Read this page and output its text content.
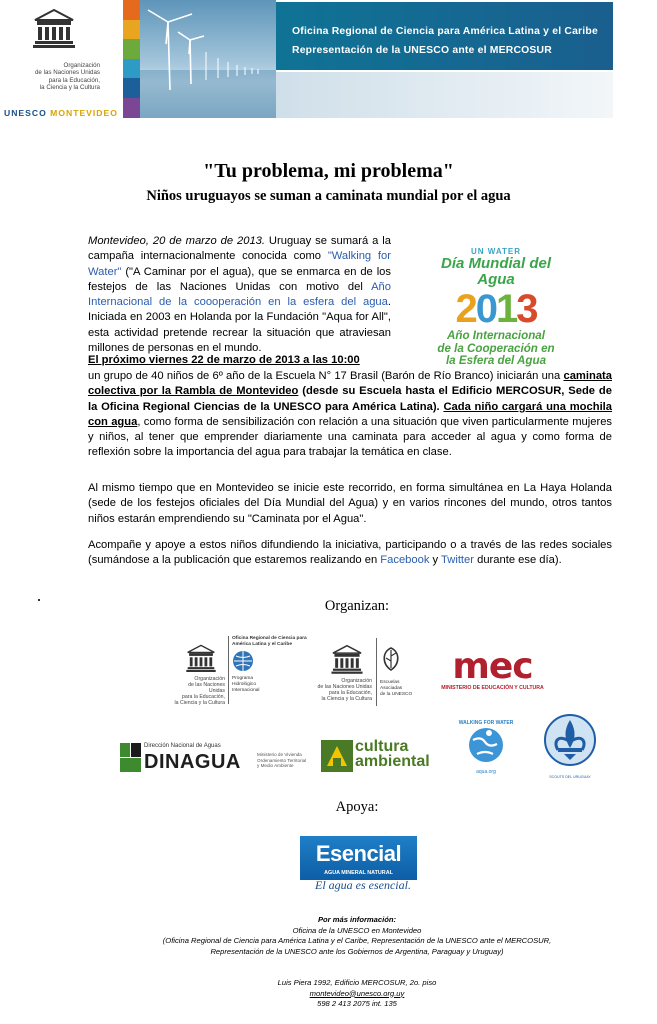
Organización
de las Naciones Unidas
para la Educación,
la Ciencia y la Cultura
UNESCO MONTEVIDEO
Oficina Regional de Ciencia para América Latina y el Caribe
Representación de la UNESCO ante el MERCOSUR
"Tu problema, mi problema"
Niños uruguayos se suman a caminata mundial por el agua
Montevideo, 20 de marzo de 2013. Uruguay se sumará a la campaña internacionalmente conocida como "Walking for Water" ("A Caminar por el agua), que se enmarca en de los festejos de las Naciones Unidas con motivo del Año Internacional de la coooperación en la esfera del agua. Iniciada en 2003 en Holanda por la Fundación "Aqua for All", esta actividad pretende recrear la situación que atraviesan millones de personas en el mundo.
UN WATER
Día Mundial del Agua
2013
Año Internacional
de la Cooperación en
la Esfera del Agua
El próximo viernes 22 de marzo de 2013 a las 10:00
un grupo de 40 niños de 6º año de la Escuela N° 17 Brasil (Barón de Río Branco) iniciarán una caminata colectiva por la Rambla de Montevideo (desde su Escuela hasta el Edificio MERCOSUR, Sede de la Oficina Regional Ciencias de la UNESCO para América Latina). Cada niño cargará una mochila con agua, como forma de sensibilización con relación a una situación que viven particularmente mujeres y niños, al tener que emprender diariamente una caminata para acceder al agua y como forma de reflexión sobre la importancia del agua para trabajar la temática en clase.
Al mismo tiempo que en Montevideo se inicie este recorrido, en forma simultánea en La Haya Holanda (sede de los festejos oficiales del Día Mundial del Agua) y en varios rincones del mundo, otros tantos niños estarán emprendiendo su "Caminata por el Agua".
Acompañe y apoye a estos niños difundiendo la iniciativa, participando o a través de las redes sociales (sumándose a la publicación que estaremos realizando en Facebook y Twitter durante ese día).
Organizan:
Organización
de las Naciones Unidas
para la Educación,
la Ciencia y la Cultura
Oficina Regional de Ciencia para
América Latina y el Caribe
Programa
Hidrológico
Internacional
Organización
de las Naciones Unidas
para la Educación,
la Ciencia y la Cultura
Escuelas
Asociadas
de la UNESCO
mec
MINISTERIO DE EDUCACIÓN Y CULTURA
Dirección Nacional de Aguas
DINAGUA	Ministerio de Vivienda
Ordenamiento Territorial
y Medio Ambiente
cultura
ambiental
WALKING FOR WATER
aqua.org
SCOUTS DEL URUGUAY
Apoya:
Esencial
AGUA MINERAL NATURAL
El agua es esencial.
Por más información:
Oficina de la UNESCO en Montevideo
(Oficina Regional de Ciencia para América Latina y el Caribe, Representación de la UNESCO ante el MERCOSUR,
Representación de la UNESCO ante los Gobiernos de Argentina, Paraguay y Uruguay)
Luis Piera 1992, Edificio MERCOSUR, 2o. piso
montevideo@unesco.org.uy
598 2 413 2075 int. 135
